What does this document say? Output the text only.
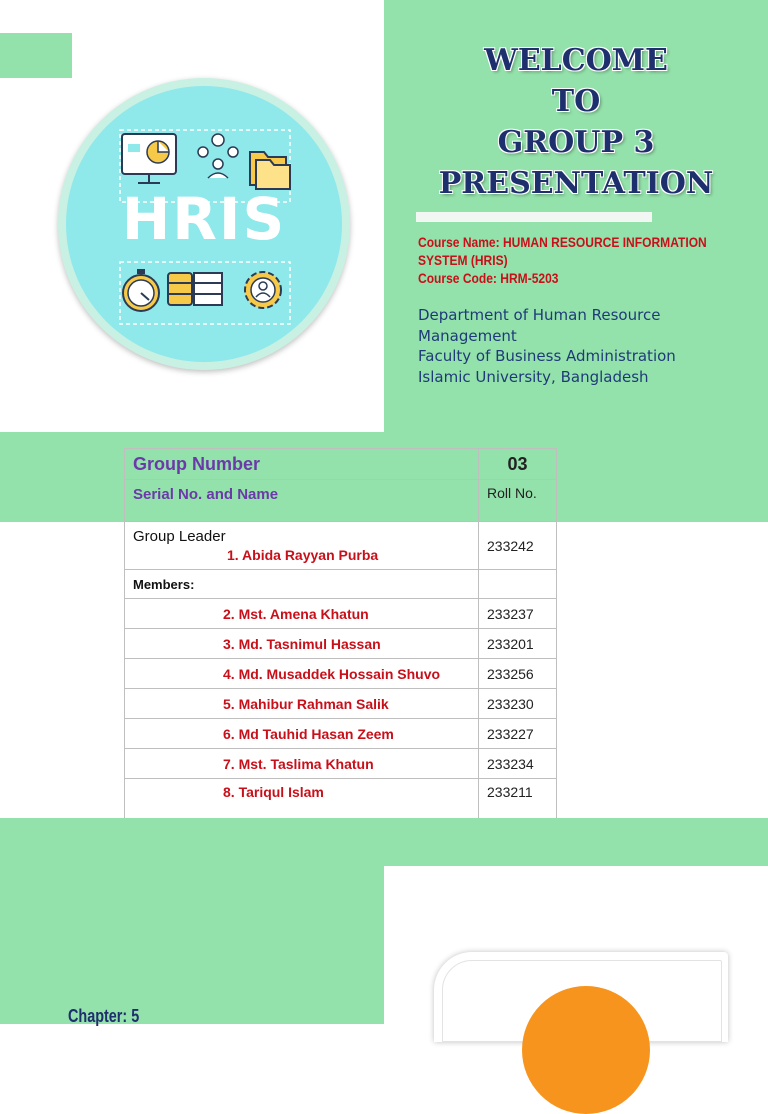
WELCOME
TO
GROUP 3
PRESENTATION
Course Name: HUMAN RESOURCE INFORMATION
SYSTEM (HRIS)
Course Code: HRM-5203
Department of Human Resource
Management
Faculty of Business Administration
Islamic University, Bangladesh
HRIS
Group Number	03
Serial No. and Name	Roll No.

Group Leader
1. Abida Rayyan Purba	233242
Members:	
2. Mst. Amena Khatun	233237
3. Md. Tasnimul Hassan	233201
4. Md. Musaddek Hossain Shuvo	233256
5. Mahibur Rahman Salik	233230
6. Md Tauhid Hasan Zeem	233227
7. Mst. Taslima Khatun	233234
8. Tariqul Islam	233211
Chapter: 5
